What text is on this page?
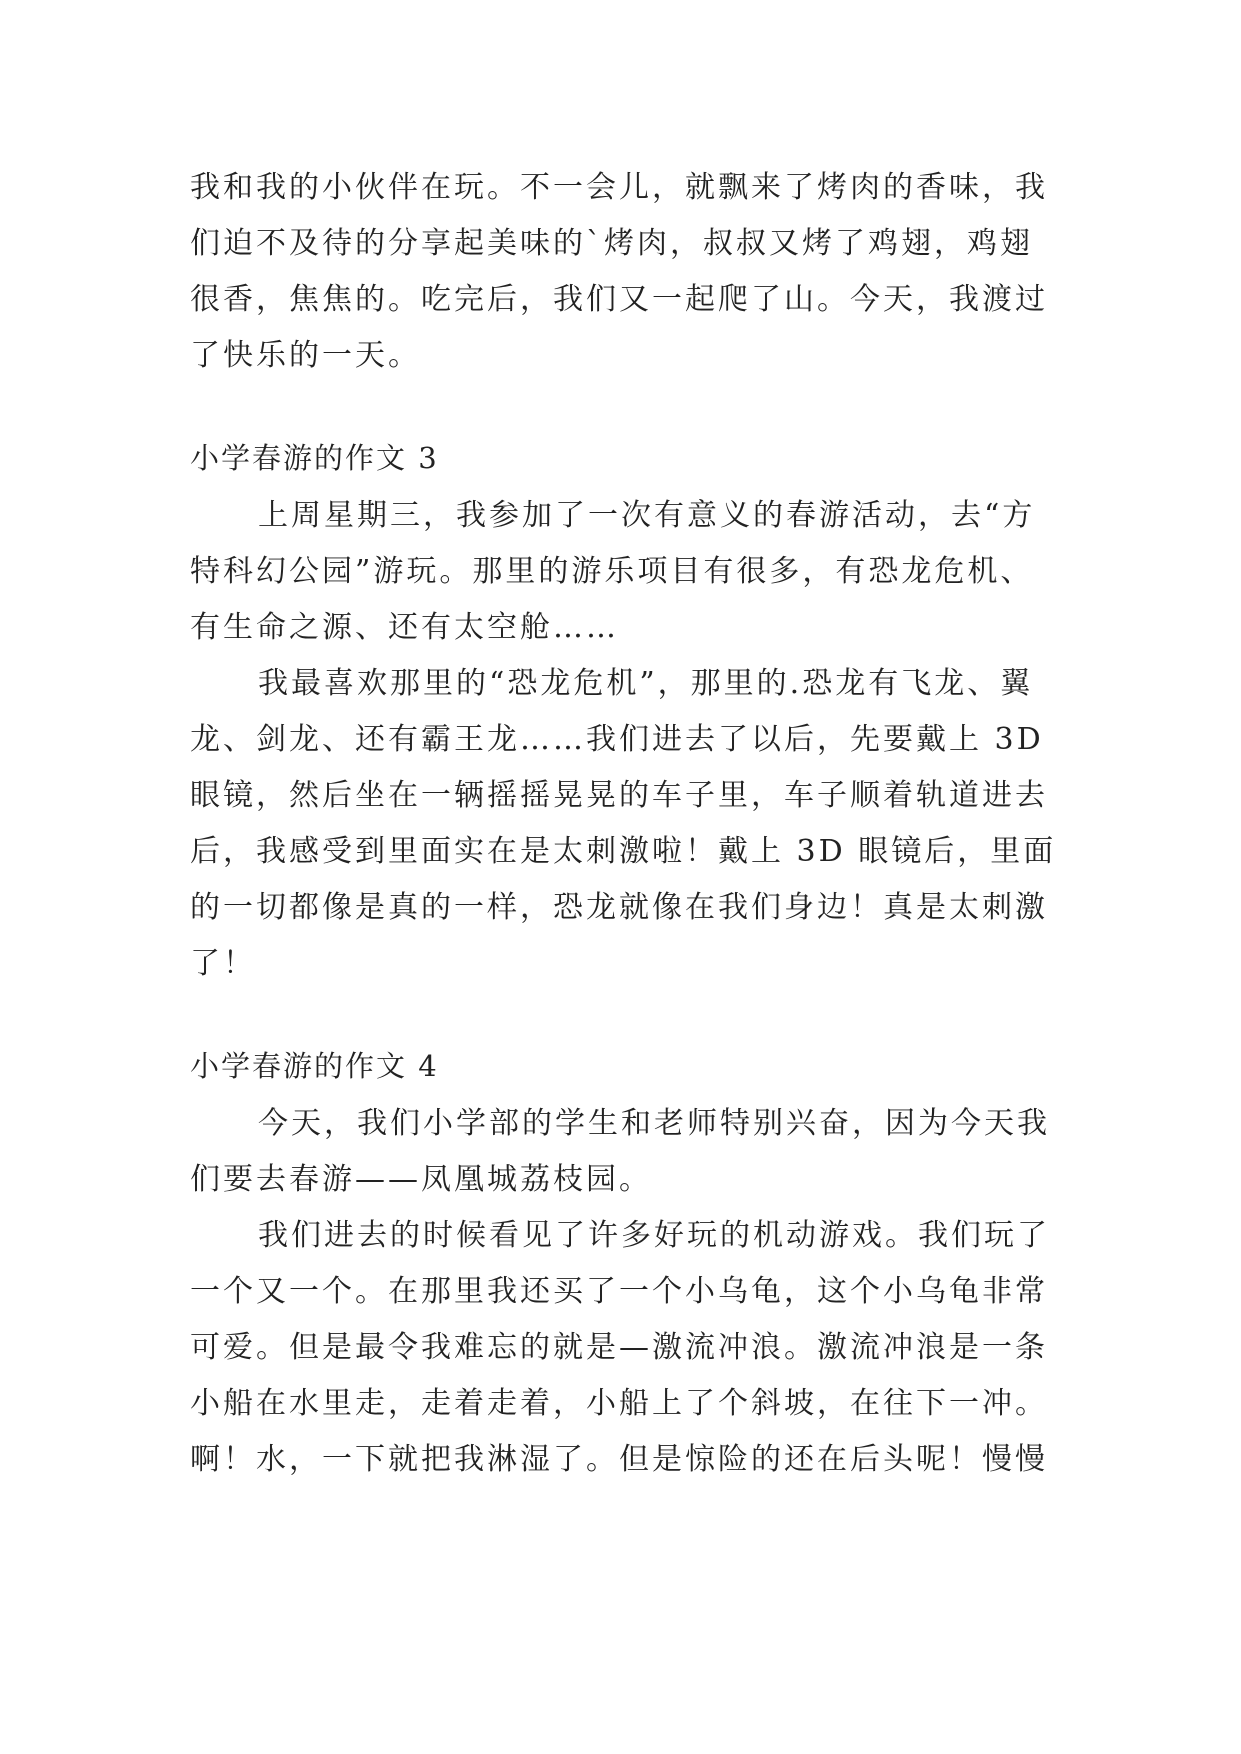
我和我的小伙伴在玩。不一会儿，就飘来了烤肉的香味，我
们迫不及待的分享起美味的`烤肉，叔叔又烤了鸡翅，鸡翅
很香，焦焦的。吃完后，我们又一起爬了山。今天，我渡过
了快乐的一天。
小学春游的作文 3
上周星期三，我参加了一次有意义的春游活动，去“方
特科幻公园”游玩。那里的游乐项目有很多，有恐龙危机、
有生命之源、还有太空舱……
我最喜欢那里的“恐龙危机”，那里的.恐龙有飞龙、翼
龙、剑龙、还有霸王龙……我们进去了以后，先要戴上 3D
眼镜，然后坐在一辆摇摇晃晃的车子里，车子顺着轨道进去
后，我感受到里面实在是太刺激啦！戴上 3D 眼镜后，里面
的一切都像是真的一样，恐龙就像在我们身边！真是太刺激
了！
小学春游的作文 4
今天，我们小学部的学生和老师特别兴奋，因为今天我
们要去春游——凤凰城荔枝园。
我们进去的时候看见了许多好玩的机动游戏。我们玩了
一个又一个。在那里我还买了一个小乌龟，这个小乌龟非常
可爱。但是最令我难忘的就是—激流冲浪。激流冲浪是一条
小船在水里走，走着走着，小船上了个斜坡，在往下一冲。
啊！水，一下就把我淋湿了。但是惊险的还在后头呢！慢慢
